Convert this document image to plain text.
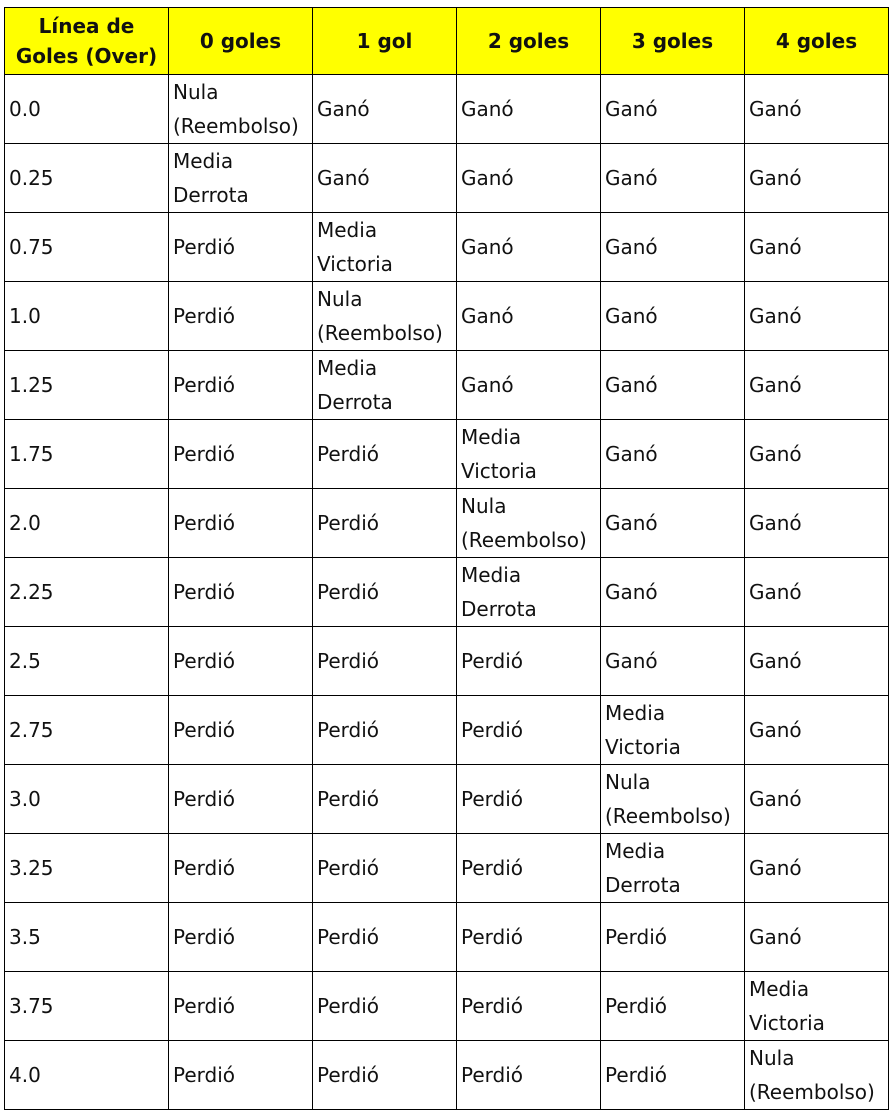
Línea de Goles (Over)	0 goles	1 gol	2 goles	3 goles	4 goles
0.0	Nula (Reembolso)	Ganó	Ganó	Ganó	Ganó
0.25	Media Derrota	Ganó	Ganó	Ganó	Ganó
0.75	Perdió	Media Victoria	Ganó	Ganó	Ganó
1.0	Perdió	Nula (Reembolso)	Ganó	Ganó	Ganó
1.25	Perdió	Media Derrota	Ganó	Ganó	Ganó
1.75	Perdió	Perdió	Media Victoria	Ganó	Ganó
2.0	Perdió	Perdió	Nula (Reembolso)	Ganó	Ganó
2.25	Perdió	Perdió	Media Derrota	Ganó	Ganó
2.5	Perdió	Perdió	Perdió	Ganó	Ganó
2.75	Perdió	Perdió	Perdió	Media Victoria	Ganó
3.0	Perdió	Perdió	Perdió	Nula (Reembolso)	Ganó
3.25	Perdió	Perdió	Perdió	Media Derrota	Ganó
3.5	Perdió	Perdió	Perdió	Perdió	Ganó
3.75	Perdió	Perdió	Perdió	Perdió	Media Victoria
4.0	Perdió	Perdió	Perdió	Perdió	Nula (Reembolso)
